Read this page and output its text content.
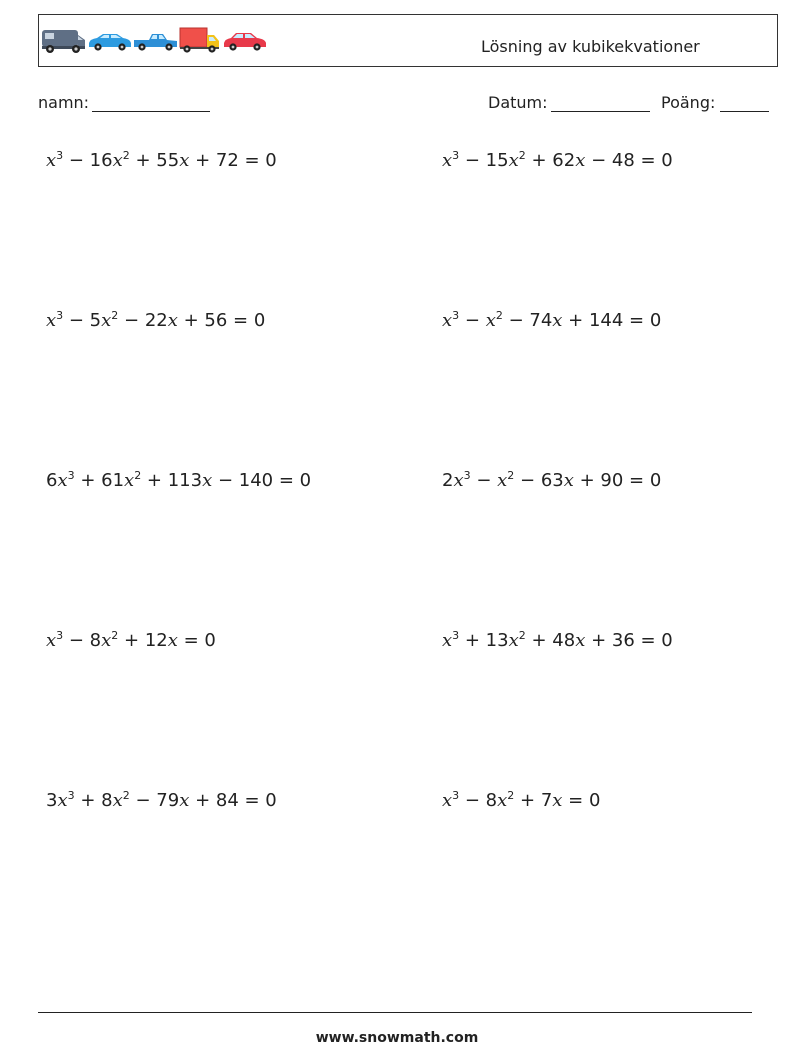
Lösning av kubikekvationer
namn:	Datum:	Poäng:
$x^3 - 16x^2 + 55x + 72 = 0$	$x^3 - 15x^2 + 62x - 48 = 0$
$x^3 - 5x^2 - 22x + 56 = 0$	$x^3 - x^2 - 74x + 144 = 0$
$6x^3 + 61x^2 + 113x - 140 = 0$	$2x^3 - x^2 - 63x + 90 = 0$
$x^3 - 8x^2 + 12x = 0$	$x^3 + 13x^2 + 48x + 36 = 0$
$3x^3 + 8x^2 - 79x + 84 = 0$	$x^3 - 8x^2 + 7x = 0$
www.snowmath.com
